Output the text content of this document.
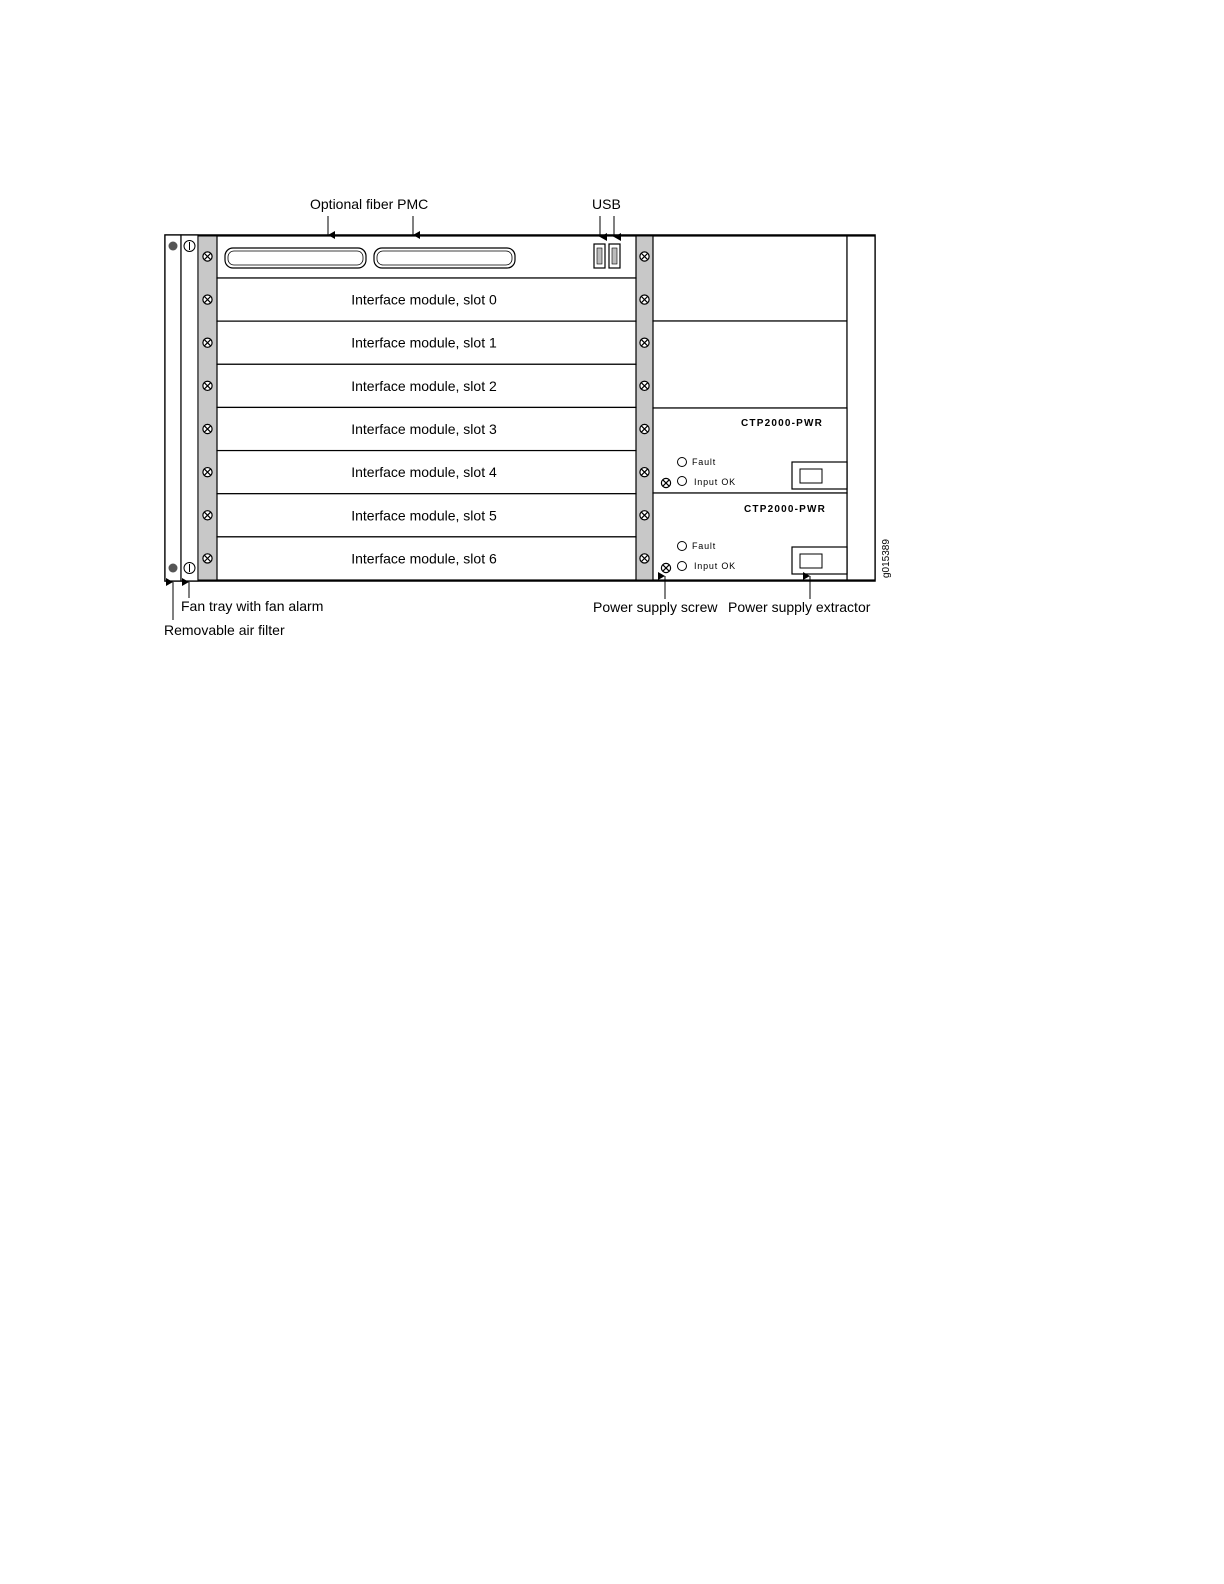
Interface module, slot 0
Interface module, slot 1
Interface module, slot 2
Interface module, slot 3
Interface module, slot 4
Interface module, slot 5
Interface module, slot 6
CTP2000-PWR
Fault
Input OK
CTP2000-PWR
Fault
Input OK	g015389
Optional fiber PMC	USB
Fan tray with fan alarm
Removable air filter
Power supply screw Power supply extractor
